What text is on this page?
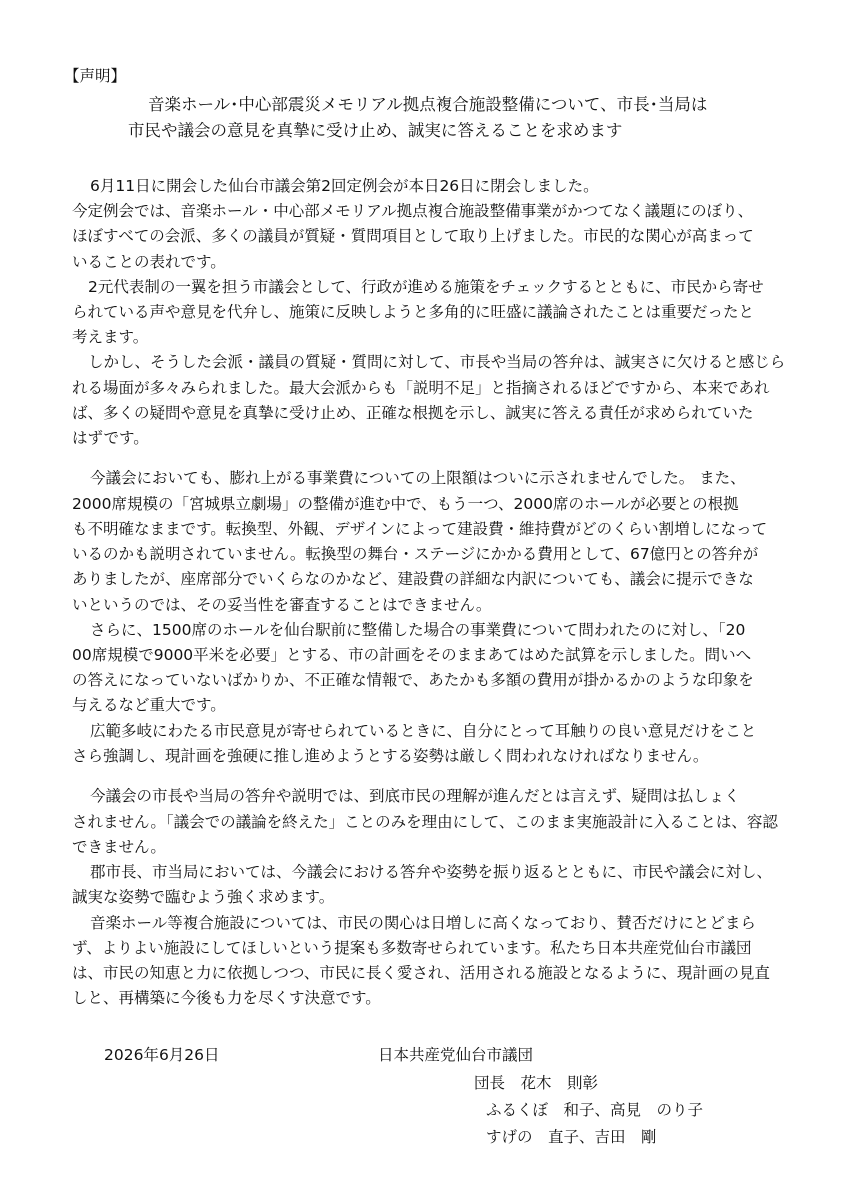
【声明】
音楽ホール･中心部震災メモリアル拠点複合施設整備について、市長･当局は
市民や議会の意見を真摯に受け止め、誠実に答えることを求めます
6月11日に開会した仙台市議会第2回定例会が本日26日に閉会しました。
今定例会では、音楽ホール・中心部メモリアル拠点複合施設整備事業がかつてなく議題にのぼり、
ほぼすべての会派、多くの議員が質疑・質問項目として取り上げました。市民的な関心が高まって
いることの表れです。
2元代表制の一翼を担う市議会として、行政が進める施策をチェックするとともに、市民から寄せ
られている声や意見を代弁し、施策に反映しようと多角的に旺盛に議論されたことは重要だったと
考えます。
しかし、そうした会派・議員の質疑・質問に対して、市長や当局の答弁は、誠実さに欠けると感じら
れる場面が多々みられました。最大会派からも「説明不足」と指摘されるほどですから、本来であれ
ば、多くの疑問や意見を真摯に受け止め、正確な根拠を示し、誠実に答える責任が求められていた
はずです。
今議会においても、膨れ上がる事業費についての上限額はついに示されませんでした。 また、
2000席規模の「宮城県立劇場」の整備が進む中で、もう一つ、2000席のホールが必要との根拠
も不明確なままです。転換型、外観、デザインによって建設費・維持費がどのくらい割増しになって
いるのかも説明されていません。転換型の舞台・ステージにかかる費用として、67億円との答弁が
ありましたが、座席部分でいくらなのかなど、建設費の詳細な内訳についても、議会に提示できな
いというのでは、その妥当性を審査することはできません。
さらに、1500席のホールを仙台駅前に整備した場合の事業費について問われたのに対し、「20
00席規模で9000平米を必要」とする、市の計画をそのままあてはめた試算を示しました。問いへ
の答えになっていないばかりか、不正確な情報で、あたかも多額の費用が掛かるかのような印象を
与えるなど重大です。
広範多岐にわたる市民意見が寄せられているときに、自分にとって耳触りの良い意見だけをこと
さら強調し、現計画を強硬に推し進めようとする姿勢は厳しく問われなければなりません。
今議会の市長や当局の答弁や説明では、到底市民の理解が進んだとは言えず、疑問は払しょく
されません。「議会での議論を終えた」ことのみを理由にして、このまま実施設計に入ることは、容認
できません。
郡市長、市当局においては、今議会における答弁や姿勢を振り返るとともに、市民や議会に対し、
誠実な姿勢で臨むよう強く求めます。
音楽ホール等複合施設については、市民の関心は日増しに高くなっており、賛否だけにとどまら
ず、よりよい施設にしてほしいという提案も多数寄せられています。私たち日本共産党仙台市議団
は、市民の知恵と力に依拠しつつ、市民に長く愛され、活用される施設となるように、現計画の見直
しと、再構築に今後も力を尽くす決意です。
2026年6月26日	日本共産党仙台市議団
団長　花木　則彰
ふるくぼ　和子、高見　のり子
すげの　直子、吉田　剛
